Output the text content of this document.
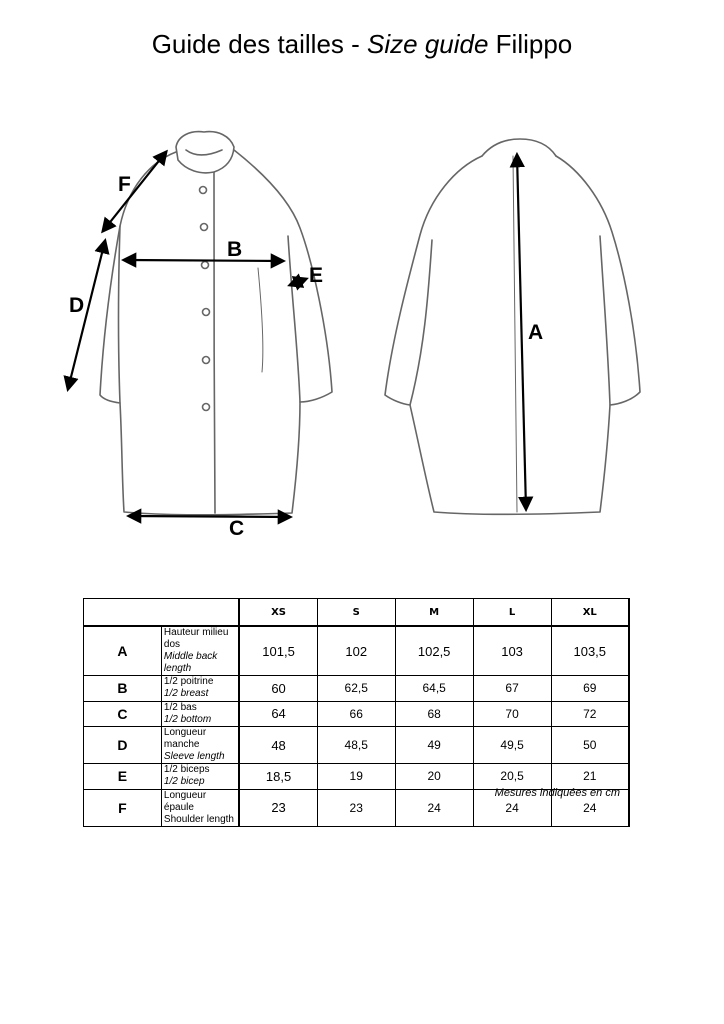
Guide des tailles - Size guide Filippo
F
B
E
D
A
C
		XS	S	M	L	XL
A	Hauteur milieu dos
Middle back length	101,5	102	102,5	103	103,5
B	1/2 poitrine
1/2 breast	60	62,5	64,5	67	69
C	1/2 bas
1/2 bottom	64	66	68	70	72
D	Longueur manche
Sleeve length	48	48,5	49	49,5	50
E	1/2 biceps
1/2 bicep	18,5	19	20	20,5	21
F	Longueur épaule
Shoulder length	23	23	24	24	24
Mesures indiquées en cm
